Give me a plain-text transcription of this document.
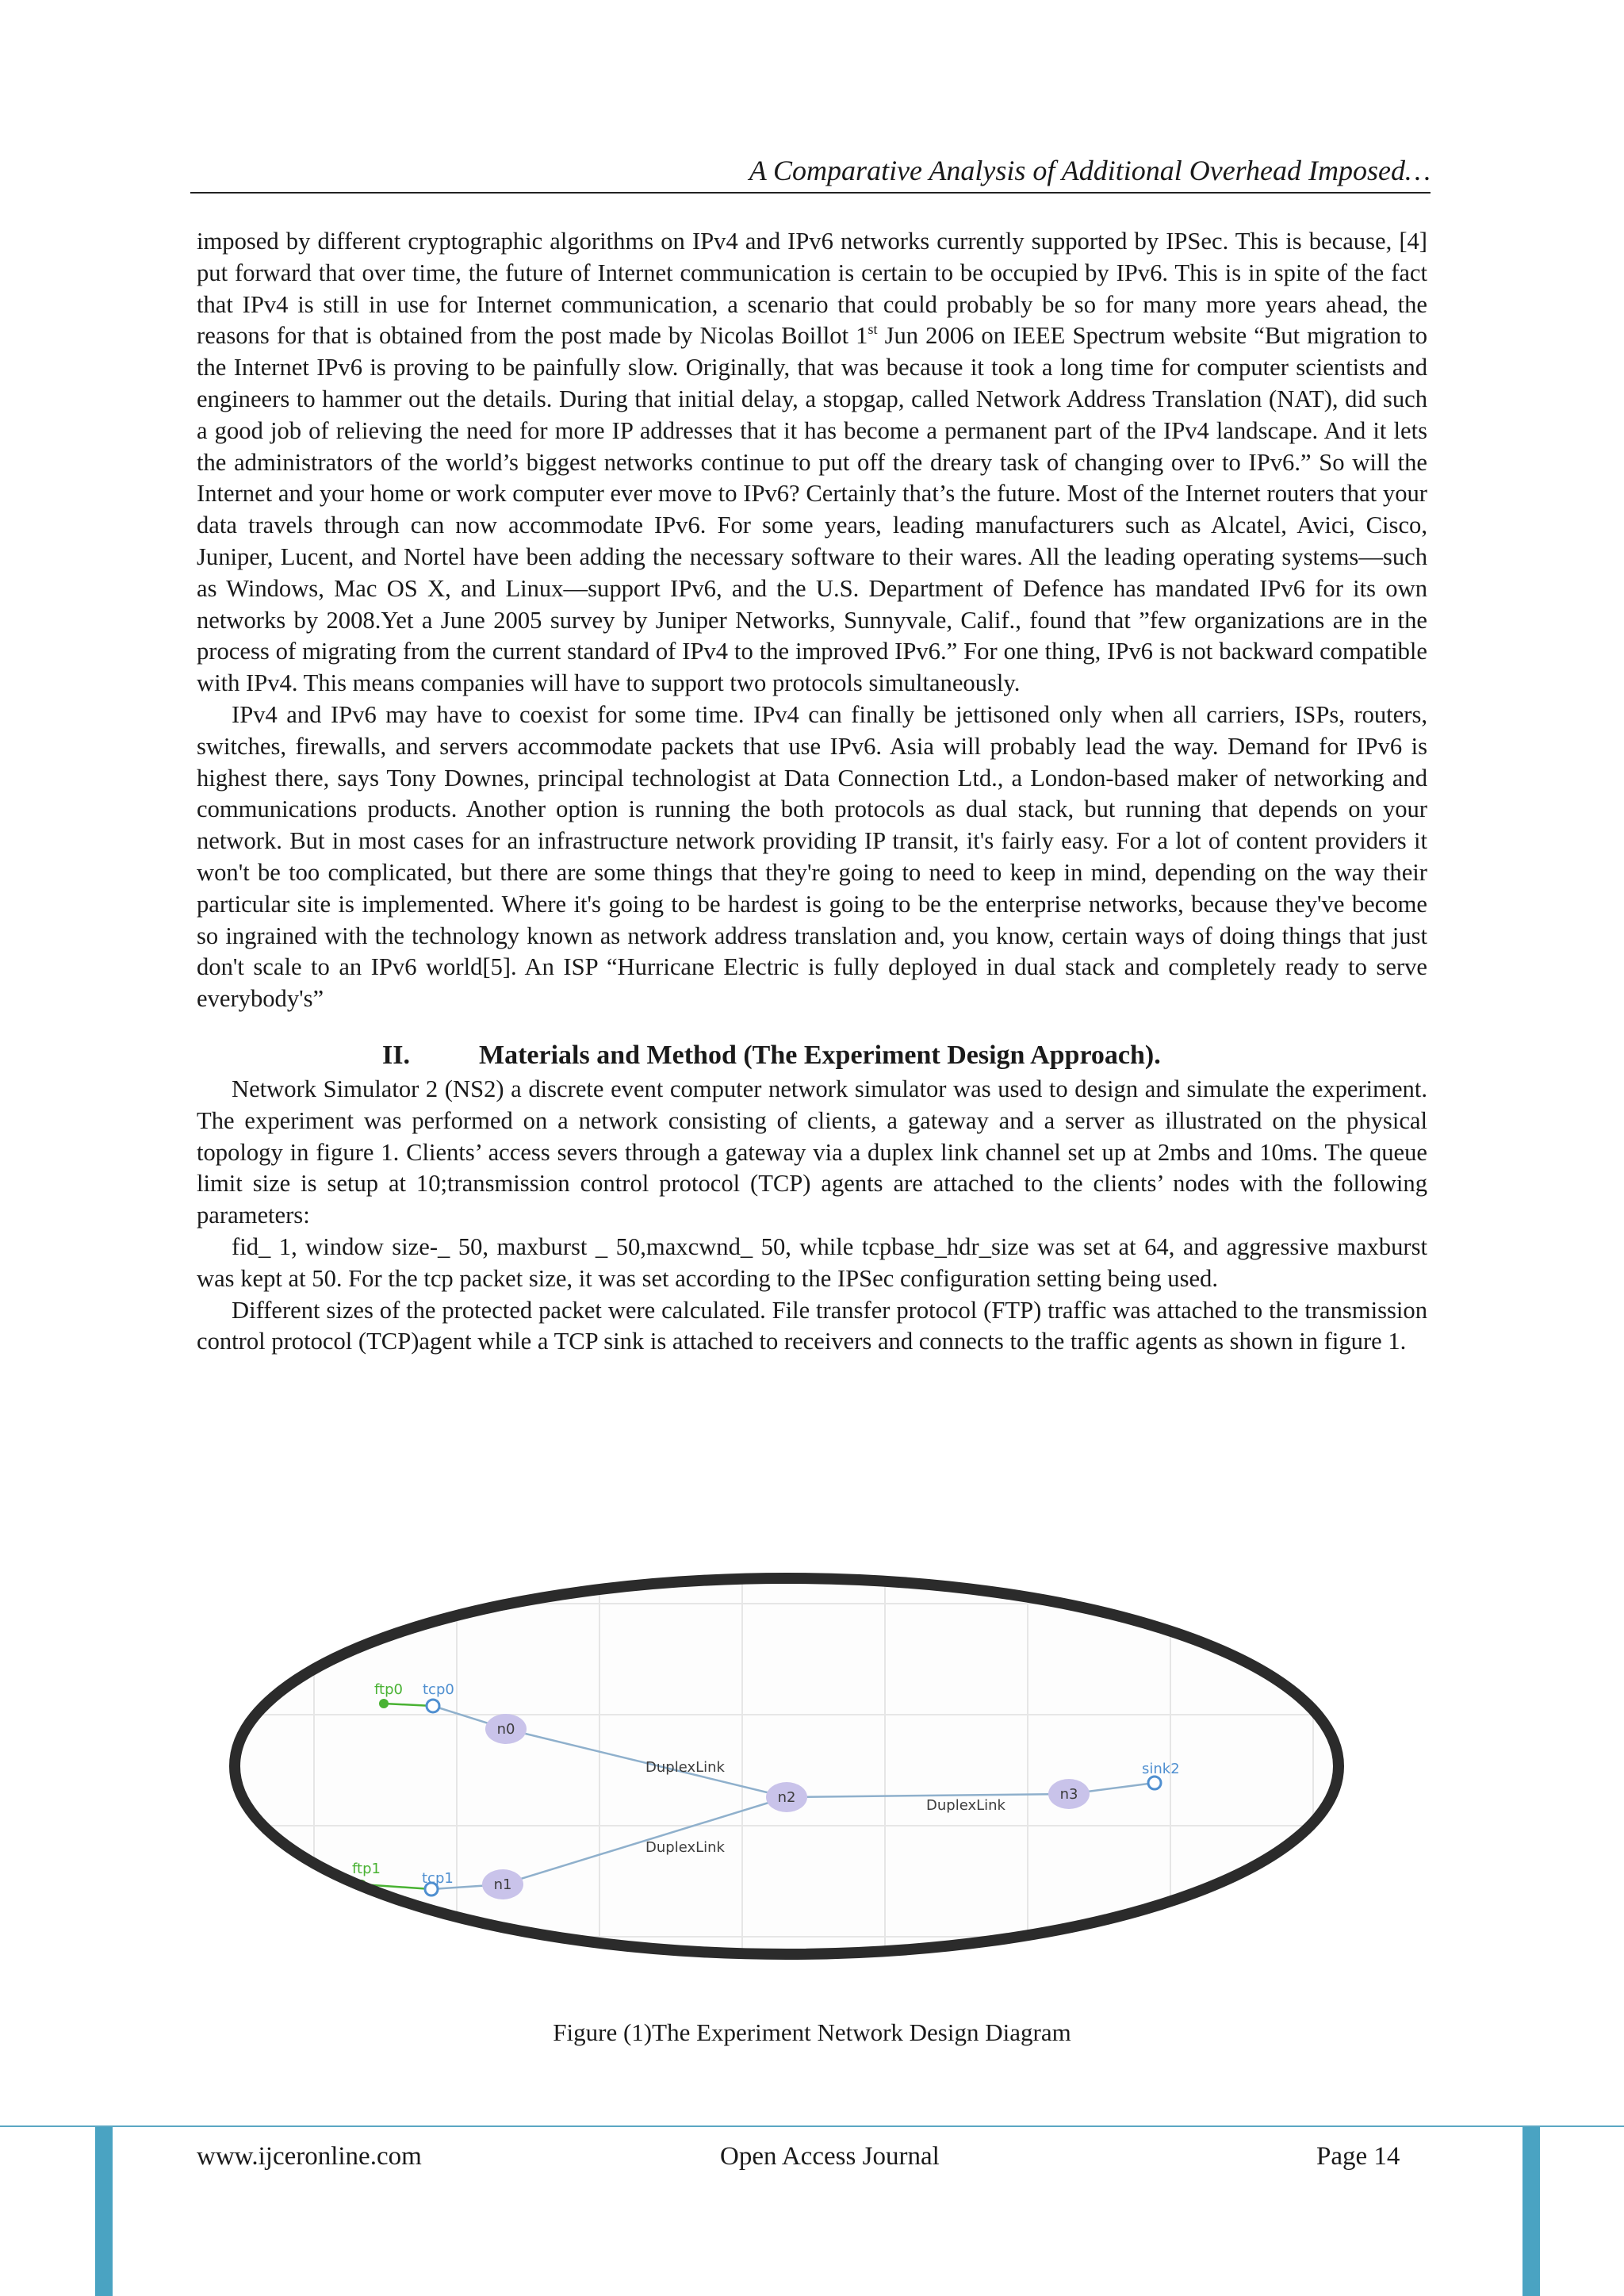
A Comparative Analysis of Additional Overhead Imposed…

imposed by different cryptographic algorithms on IPv4 and IPv6 networks currently supported by IPSec. This is because, [4] put forward that over time, the future of Internet communication is certain to be occupied by IPv6. This is in spite of the fact that IPv4 is still in use for Internet communication, a scenario that could probably be so for many more years ahead, the reasons for that is obtained from the post made by Nicolas Boillot 1st Jun 2006 on IEEE Spectrum website “But migration to the Internet IPv6 is proving to be painfully slow. Originally, that was because it took a long time for computer scientists and engineers to hammer out the details. During that initial delay, a stopgap, called Network Address Translation (NAT), did such a good job of relieving the need for more IP addresses that it has become a permanent part of the IPv4 landscape. And it lets the administrators of the world’s biggest networks continue to put off the dreary task of changing over to IPv6.” So will the Internet and your home or work computer ever move to IPv6? Certainly that’s the future. Most of the Internet routers that your data travels through can now accommodate IPv6. For some years, leading manufacturers such as Alcatel, Avici, Cisco, Juniper, Lucent, and Nortel have been adding the necessary software to their wares. All the leading operating systems—such as Windows, Mac OS X, and Linux—support IPv6, and the U.S. Department of Defence has mandated IPv6 for its own networks by 2008.Yet a June 2005 survey by Juniper Networks, Sunnyvale, Calif., found that ”few organizations are in the process of migrating from the current standard of IPv4 to the improved IPv6.” For one thing, IPv6 is not backward compatible with IPv4. This means companies will have to support two protocols simultaneously.

IPv4 and IPv6 may have to coexist for some time. IPv4 can finally be jettisoned only when all carriers, ISPs, routers, switches, firewalls, and servers accommodate packets that use IPv6. Asia will probably lead the way. Demand for IPv6 is highest there, says Tony Downes, principal technologist at Data Connection Ltd., a London-based maker of networking and communications products. Another option is running the both protocols as dual stack, but running that depends on your network. But in most cases for an infrastructure network providing IP transit, it's fairly easy. For a lot of content providers it won't be too complicated, but there are some things that they're going to need to keep in mind, depending on the way their particular site is implemented. Where it's going to be hardest is going to be the enterprise networks, because they've become so ingrained with the technology known as network address translation and, you know, certain ways of doing things that just don't scale to an IPv6 world[5]. An ISP “Hurricane Electric is fully deployed in dual stack and completely ready to serve everybody's”

II.	Materials and Method (The Experiment Design Approach).

Network Simulator 2 (NS2) a discrete event computer network simulator was used to design and simulate the experiment. The experiment was performed on a network consisting of clients, a gateway and a server as illustrated on the physical topology in figure 1. Clients’ access severs through a gateway via a duplex link channel set up at 2mbs and 10ms. The queue limit size is setup at 10;transmission control protocol (TCP) agents are attached to the clients’ nodes with the following parameters:

fid_ 1, window size-_ 50, maxburst _ 50,maxcwnd_ 50, while tcpbase_hdr_size was set at 64, and aggressive maxburst was kept at 50. For the tcp packet size, it was set according to the IPSec configuration setting being used.

Different sizes of the protected packet were calculated. File transfer protocol (FTP) traffic was attached to the transmission control protocol (TCP)agent while a TCP sink is attached to receivers and connects to the traffic agents as shown in figure 1.

DuplexLink
DuplexLink
DuplexLink
n0
n1
n2	n3
ftp0 tcp0
ftp1
tcp1
sink2
Figure (1)The Experiment Network Design Diagram
www.ijceronline.com	Open Access Journal	Page 14
